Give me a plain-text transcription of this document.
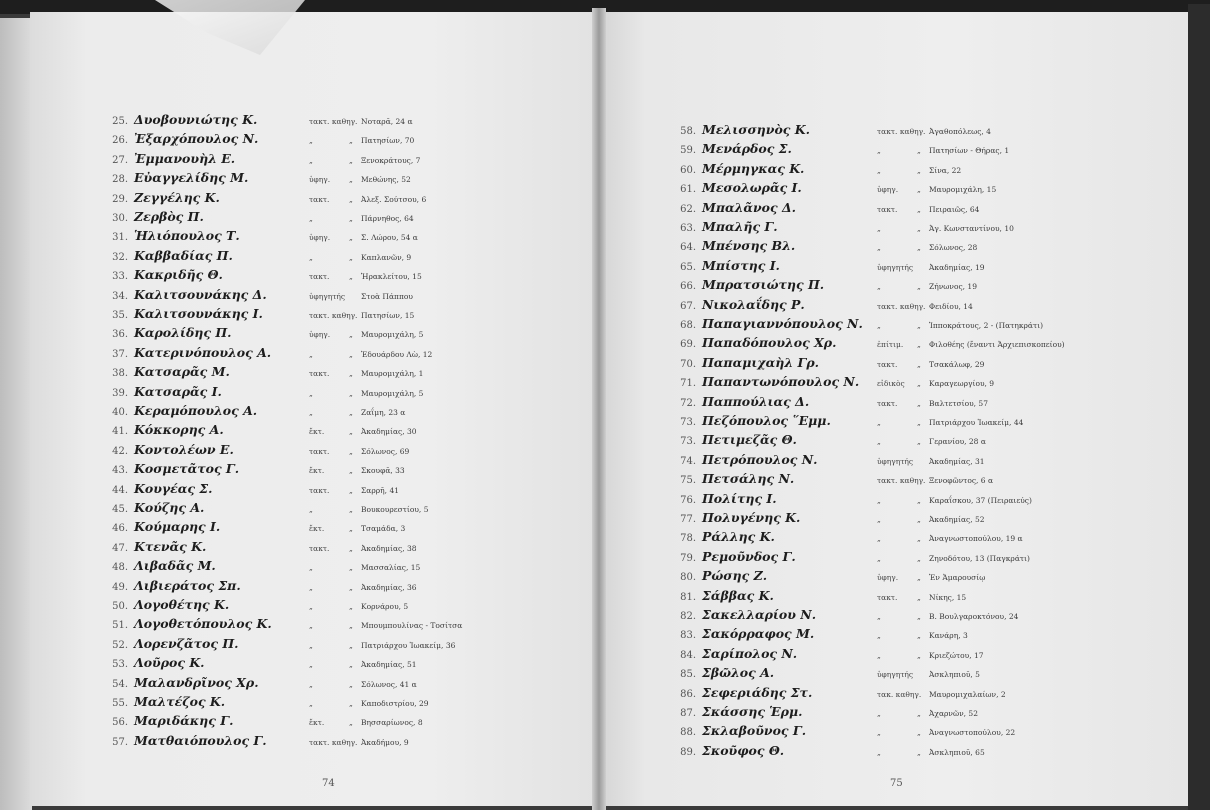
25. Δυοβουνιώτης Κ.	τακτ. καθηγ. Νοταρᾶ, 24 α
26. Ἐξαρχόπουλος Ν.	„	„	Πατησίων, 70
27. Ἐμμανουὴλ Ε.	„	„	Ξενοκράτους, 7
28. Εὐαγγελίδης Μ.	ὑφηγ.	„	Μεθώνης, 52
29. Ζεγγέλης Κ.	τακτ.	„	Ἀλεξ. Σούτσου, 6
30. Ζερβὸς Π.	„	„	Πάρνηθος, 64
31. Ἡλιόπουλος Τ.	ὑφηγ.	„	Σ. Λώρου, 54 α
32. Καββαδίας Π.	„	„	Καπλανῶν, 9
33. Κακριδῆς Θ.	τακτ.	„	Ἡρακλείτου, 15
34. Καλιτσουνάκης Δ.	ὑφηγητής	Στοὰ Πάππου
35. Καλιτσουνάκης Ι.	τακτ. καθηγ. Πατησίων, 15
36. Καρολίδης Π.	ὑφηγ.	„	Μαυρομιχάλη, 5
37. Κατερινόπουλος Α.	„	„	Ἐδουάρδου Λὼ, 12
38. Κατσαρᾶς Μ.	τακτ.	„	Μαυρομιχάλη, 1
39. Κατσαρᾶς Ι.	„	„	Μαυρομιχάλη, 5
40. Κεραμόπουλος Α.	„	„	Ζαΐμη, 23 α
41. Κόκκορης Α.	ἔκτ.	„	Ἀκαδημίας, 30
42. Κοντολέων Ε.	τακτ.	„	Σόλωνος, 69
43. Κοσμετᾶτος Γ.	ἔκτ.	„	Σκουφᾶ, 33
44. Κουγέας Σ.	τακτ.	„	Σαρρῆ, 41
45. Κούζης Α.	„	„	Βουκουρεστίου, 5
46. Κούμαρης Ι.	ἔκτ.	„	Τσαμάδα, 3
47. Κτενᾶς Κ.	τακτ.	„	Ἀκαδημίας, 38
48. Λιβαδᾶς Μ.	„	„	Μασσαλίας, 15
49. Λιβιεράτος Σπ.	„	„	Ἀκαδημίας, 36
50. Λογοθέτης Κ.	„	„	Κορνάρου, 5
51. Λογοθετόπουλος Κ.	„	„	Μπουμπουλίνας - Τοσίτσα
52. Λορενζᾶτος Π.	„	„	Πατριάρχου Ἰωακείμ, 36
53. Λοῦρος Κ.	„	„	Ἀκαδημίας, 51
54. Μαλανδρῖνος Χρ.	„	„	Σόλωνος, 41 α
55. Μαλτέζος Κ.	„	„	Καποδιστρίου, 29
56. Μαριδάκης Γ.	ἔκτ.	„	Βησσαρίωνος, 8
57. Ματθαιόπουλος Γ.	τακτ. καθηγ. Ἀκαδήμου, 9
74
58. Μελισσηνὸς Κ.	τακτ. καθηγ. Ἀγαθοπόλεως, 4
59. Μενάρδος Σ.	„	„	Πατησίων - Θήρας, 1
60. Μέρμηγκας Κ.	„	„	Σίνα, 22
61. Μεσολωρᾶς Ι.	ὑφηγ.	„	Μαυρομιχάλη, 15
62. Μπαλᾶνος Δ.	τακτ.	„	Πειραιῶς, 64
63. Μπαλῆς Γ.	„	„	Ἁγ. Κωνσταντίνου, 10
64. Μπένσης Βλ.	„	„	Σόλωνος, 28
65. Μπίστης Ι.	ὑφηγητής	Ἀκαδημίας, 19
66. Μπρατσιώτης Π.	„	„	Ζήνωνος, 19
67. Νικολαΐδης Ρ.	τακτ. καθηγ. Φειδίου, 14
68. Παπαγιαννόπουλος Ν.	„	„	Ἱπποκράτους, 2 - (Πατηκράτι)
69. Παπαδόπουλος Χρ.	ἐπίτιμ.	„	Φιλοθέης (ἔναντι Ἀρχιεπισκοπείου)
70. Παπαμιχαὴλ Γρ.	τακτ.	„	Τσακάλωφ, 29
71. Παπαντωνόπουλος Ν.	εἰδικὸς	„	Καραγεωργίου, 9
72. Παππούλιας Δ.	τακτ.	„	Βαλτετσίου, 57
73. Πεζόπουλος ῞Εμμ.	„	„	Πατριάρχου Ἰωακείμ, 44
73. Πετιμεζᾶς Θ.	„	„	Γερανίου, 28 α
74. Πετρόπουλος Ν.	ὑφηγητής	Ἀκαδημίας, 31
75. Πετσάλης Ν.	τακτ. καθηγ. Ξενοφῶντος, 6 α
76. Πολίτης Ι.	„	„	Καραΐσκου, 37 (Πειραιεύς)
77. Πολυγένης Κ.	„	„	Ἀκαδημίας, 52
78. Ράλλης Κ.	„	„	Ἀναγνωστοπούλου, 19 α
79. Ρεμοῦνδος Γ.	„	„	Ζηνοδότου, 13 (Παγκράτι)
80. Ρώσης Ζ.	ὑφηγ.	„	Ἐν Ἀμαρουσίῳ
81. Σάββας Κ.	τακτ.	„	Νίκης, 15
82. Σακελλαρίου Ν.	„	„	Β. Βουλγαροκτόνου, 24
83. Σακόρραφος Μ.	„	„	Κανάρη, 3
84. Σαρίπολος Ν.	„	„	Κριεζώτου, 17
85. Σβῶλος Α.	ὑφηγητής	Ἀσκληπιοῦ, 5
86. Σεφεριάδης Στ.	τακ. καθηγ. Μαυρομιχαλαίων, 2
87. Σκάσσης Ἑρμ.	„	„	Ἀχαρνῶν, 52
88. Σκλαβοῦνος Γ.	„	„	Ἀναγνωστοπούλου, 22
89. Σκοῦφος Θ.	„	„	Ἀσκληπιοῦ, 65
75
